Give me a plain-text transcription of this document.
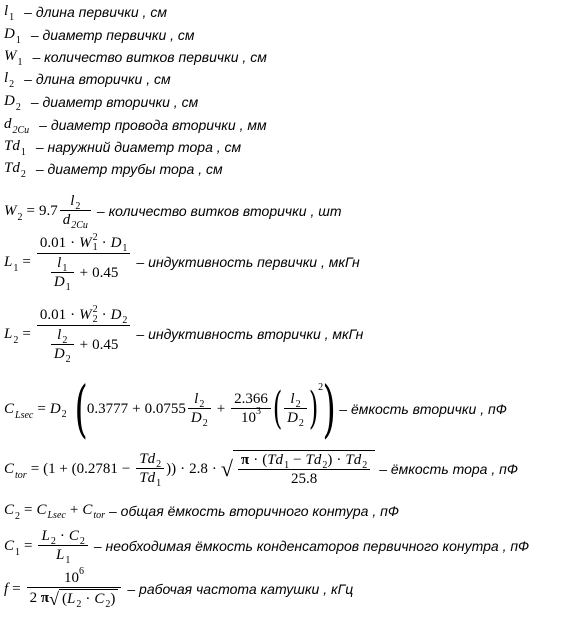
$l_1$ – длина первички , см
$D_1$ – диаметр первички , см
$W_1$ – количество витков первички , см
$l_2$ – длина вторички , см
$D_2$ – диаметр вторички , см
$d_{2Cu}$ – диаметр провода вторички , мм
$Td_1$ – наружний диаметр тора , см
$Td_2$ – диаметр трубы тора , см
$W_2 = 9.7 \frac{l 2}{d 2Cu}$ – количество витков вторички , шт
$L_1 = 0.01 \cdot W$ 2
1 · D 1
$\frac{l 1}{D 1} + 0.45$ – индуктивность первички , мкГн
$L_2 = 0.01 \cdot W$ 2
2 · D 2
$\frac{l 2}{D 2} + 0.45$ – индуктивность вторички , мкГн
$C_{Lsec} = D$ 2 ( $0.3777 + 0.0755 \frac{l 2}{D 2} + \frac{2.366}{10 3}$ ( $\frac{l 2}{D 2}$ ) 2 ) – ёмкость вторички , пФ
$C_{tor} = (1$ + ( $0.2781 - \frac{Td 2}{Td 1}$ )) · 2.8 · √ $\frac{\pi \cdot ( Td 1 - Td 2 ) \cdot Td 2}{25.8}$ – ёмкость тора , пФ
$C_2 = C$ Lsec + C tor – общая ёмкость вторичного контура , пФ
$C_1 = \frac{L 2 \cdot C 2}{L 1}$ – необходимая ёмкость конденсаторов первичного конутра , пФ
f = 10 6
2
π √ ( L 2 · C 2 ) – рабочая частота катушки , кГц
